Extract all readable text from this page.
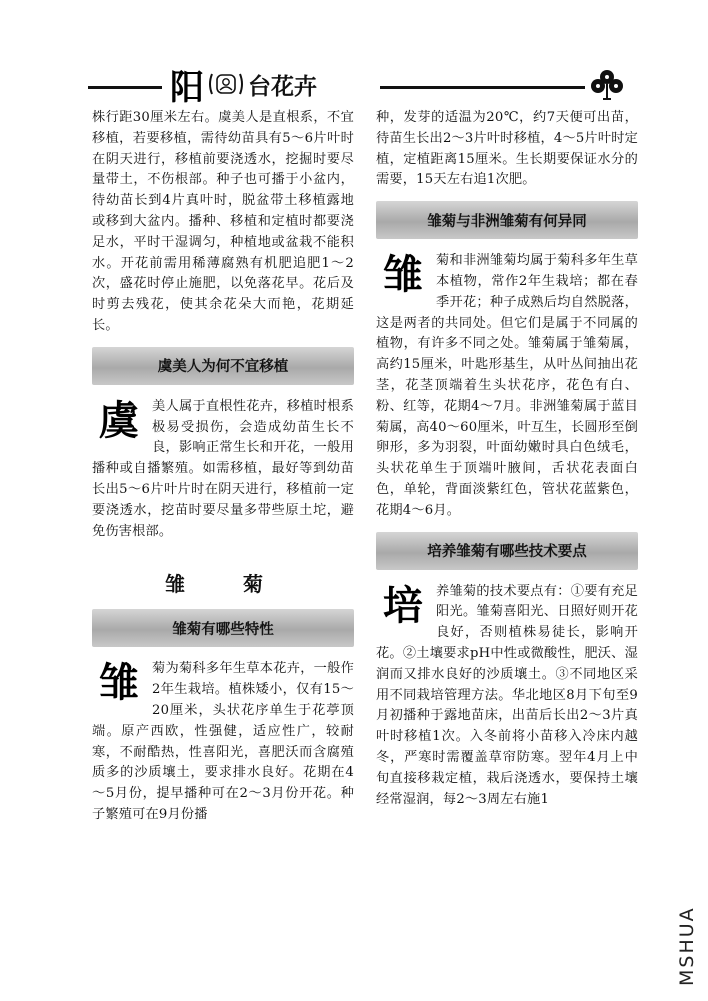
阳 台花卉

株行距30厘米左右。虞美人是直根系，不宜移植，若要移植，需待幼苗具有5～6片叶时在阴天进行，移植前要浇透水，挖掘时要尽量带土，不伤根部。种子也可播于小盆内，待幼苗长到4片真叶时，脱盆带土移植露地或移到大盆内。播种、移植和定植时都要浇足水，平时干湿调匀，种植地或盆栽不能积水。开花前需用稀薄腐熟有机肥追肥1～2次，盛花时停止施肥，以免落花早。花后及时剪去残花，使其余花朵大而艳，花期延长。

虞美人为何不宜移植

虞 美人属于直根性花卉，移植时根系极易受损伤，会造成幼苗生长不良，影响正常生长和开花，一般用播种或自播繁殖。如需移植，最好等到幼苗长出5～6片叶片时在阴天进行，移植前一定要浇透水，挖苗时要尽量多带些原土坨，避免伤害根部。

雏菊
雏菊有哪些特性

雏 菊为菊科多年生草本花卉，一般作2年生栽培。植株矮小，仅有15～20厘米，头状花序单生于花葶顶端。原产西欧，性强健，适应性广，较耐寒，不耐酷热，性喜阳光，喜肥沃而含腐殖质多的沙质壤土，要求排水良好。花期在4～5月份，提早播种可在2～3月份开花。种子繁殖可在9月份播

种，发芽的适温为20℃，约7天便可出苗，待苗生长出2～3片叶时移植，4～5片叶时定植，定植距离15厘米。生长期要保证水分的需要，15天左右追1次肥。

雏菊与非洲雏菊有何异同

雏 菊和非洲雏菊均属于菊科多年生草本植物，常作2年生栽培；都在春季开花；种子成熟后均自然脱落，这是两者的共同处。但它们是属于不同属的植物，有许多不同之处。雏菊属于雏菊属，高约15厘米，叶匙形基生，从叶丛间抽出花茎，花茎顶端着生头状花序，花色有白、粉、红等，花期4～7月。非洲雏菊属于蓝目菊属，高40～60厘米，叶互生，长圆形至倒卵形，多为羽裂，叶面幼嫩时具白色绒毛，头状花单生于顶端叶腋间，舌状花表面白色，单轮，背面淡紫红色，管状花蓝紫色，花期4～6月。

培养雏菊有哪些技术要点

培 养雏菊的技术要点有：①要有充足阳光。雏菊喜阳光、日照好则开花良好，否则植株易徒长，影响开花。②土壤要求pH中性或微酸性，肥沃、湿润而又排水良好的沙质壤土。③不同地区采用不同栽培管理方法。华北地区8月下旬至9月初播种于露地苗床，出苗后长出2～3片真叶时移植1次。入冬前将小苗移入冷床内越冬，严寒时需覆盖草帘防寒。翌年4月上中旬直接移栽定植，栽后浇透水，要保持土壤经常湿润，每2～3周左右施1

MSHUA
